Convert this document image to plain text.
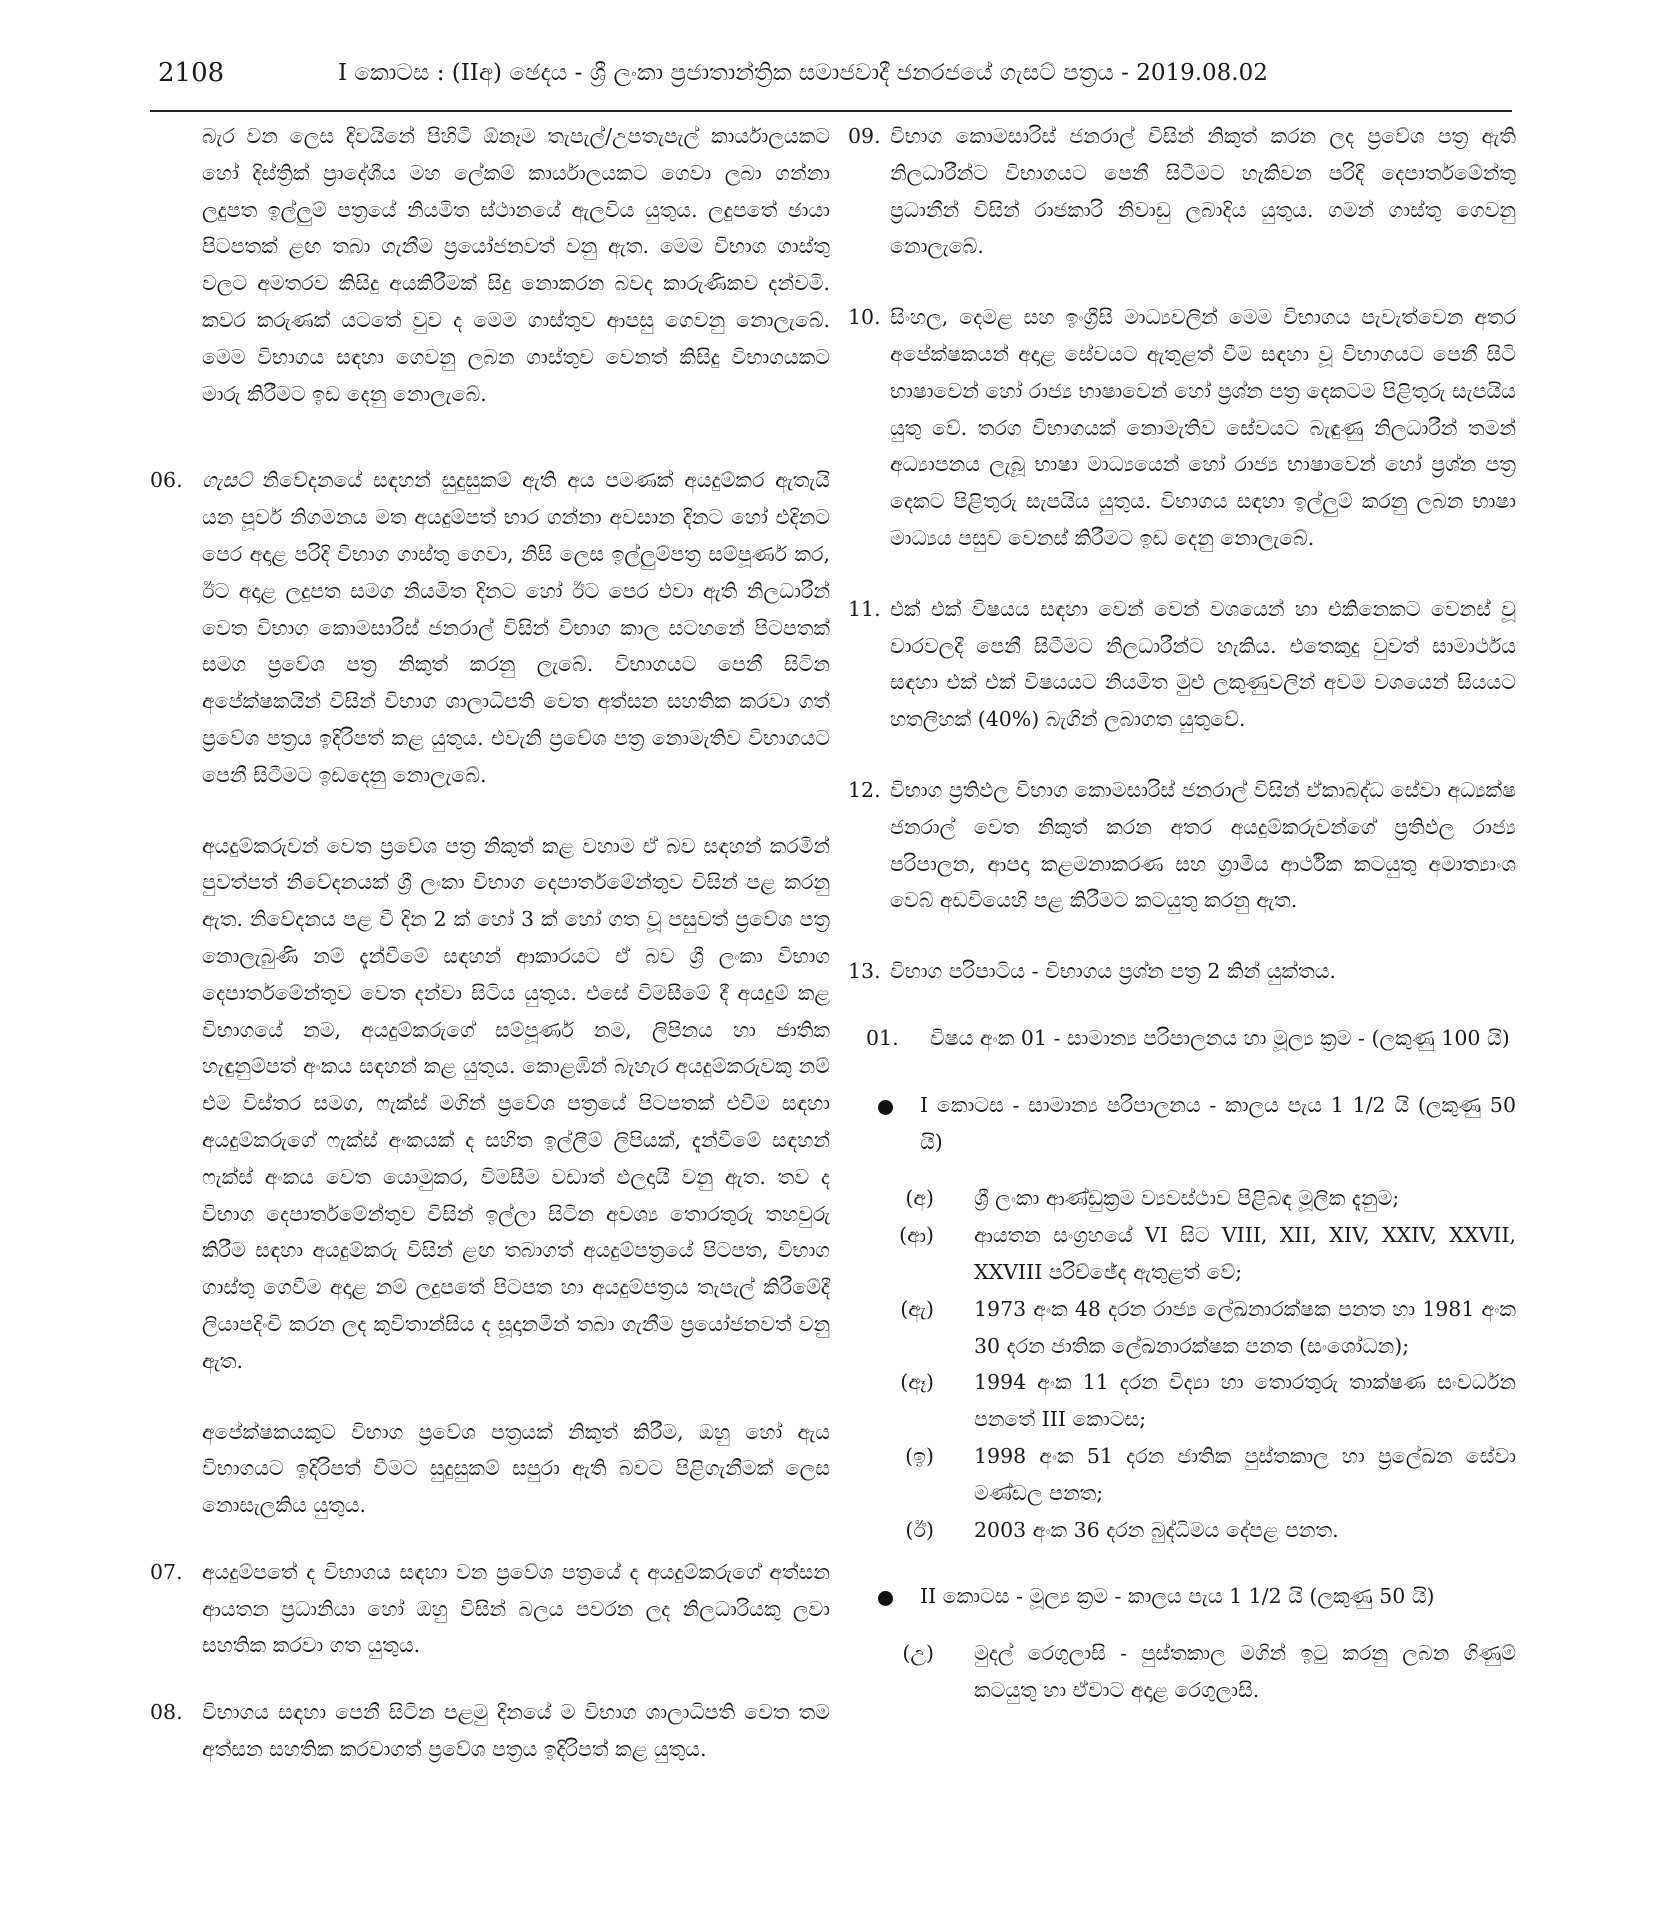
2108	I කොටස : (IIඅ) ඡෙදය - ශ්‍රී ලංකා ප්‍රජාතාන්ත්‍රික සමාජවාදී ජනරජයේ ගැසට් පත්‍රය - 2019.08.02

බැර වන ලෙස දිවයිනේ පිහිටි ඕනෑම තැපැල්/උපතැපැල් කාර්යාලයකට හෝ දිස්ත්‍රික් ප්‍රාදේශීය මහ ලේකම් කාර්යාලයකට ගෙවා ලබා ගන්නා ලදුපත ඉල්ලුම් පත්‍රයේ නියමිත ස්ථානයේ ඇලවිය යුතුය. ලදුපතේ ඡායා පිටපතක් ළඟ තබා ගැනීම ප්‍රයෝජනවත් වනු ඇත. මෙම විභාග ගාස්තු වලට අමතරව කිසිදු අයකිරීමක් සිදු නොකරන බවද කාරුණිකව දන්වමි. කවර කරුණක් යටතේ වුව ද මෙම ගාස්තුව ආපසු ගෙවනු නොලැබේ. මෙම විභාගය සඳහා ගෙවනු ලබන ගාස්තුව වෙනත් කිසිදු විභාගයකට මාරු කිරීමට ඉඩ දෙනු නොලැබේ.

06. ගැසට් නිවේදනයේ සඳහන් සුදුසුකම් ඇති අය පමණක් අයදුම්කර ඇතැයි යන පූර්ව නිගමනය මත අයදුම්පත් භාර ගන්නා අවසාන දිනට හෝ එදිනට පෙර අදාළ පරිදි විභාග ගාස්තු ගෙවා, නිසි ලෙස ඉල්ලුම්පත්‍ර සම්පූර්ණ කර, ඊට අදාළ ලදුපත සමග නියමිත දිනට හෝ ඊට පෙර එවා ඇති නිලධාරීන් වෙත විභාග කොමසාරිස් ජනරාල් විසින් විභාග කාල සටහනේ පිටපතක් සමග ප්‍රවේශ පත්‍ර නිකුත් කරනු ලැබේ. විභාගයට පෙනී සිටින අපේක්ෂකයින් විසින් විභාග ශාලාධිපති වෙත අත්සන සහතික කරවා ගත් ප්‍රවේශ පත්‍රය ඉදිරිපත් කළ යුතුය. එවැනි ප්‍රවේශ පත්‍ර නොමැතිව විභාගයට පෙනී සිටීමට ඉඩදෙනු නොලැබේ.

අයදුම්කරුවන් වෙත ප්‍රවේශ පත්‍ර නිකුත් කළ වහාම ඒ බව සඳහන් කරමින් පුවත්පත් නිවේදනයක් ශ්‍රී ලංකා විභාග දෙපාර්තමේන්තුව විසින් පළ කරනු ඇත. නිවේදනය පළ වී දින 2 ක් හෝ 3 ක් හෝ ගත වූ පසුවත් ප්‍රවේශ පත්‍ර නොලැබුණි නම් දැන්වීමේ සඳහන් ආකාරයට ඒ බව ශ්‍රී ලංකා විභාග දෙපාර්තමේන්තුව වෙත දන්වා සිටිය යුතුය. එසේ විමසීමේ දී අයදුම් කළ විභාගයේ නම, අයදුම්කරුගේ සම්පූර්ණ නම, ලිපිනය හා ජාතික හැඳුනුම්පත් අංකය සඳහන් කළ යුතුය. කොළඹින් බැහැර අයදුම්කරුවකු නම් එම විස්තර සමග, ෆැක්ස් මගින් ප්‍රවේශ පත්‍රයේ පිටපතක් එවීම සඳහා අයදුම්කරුගේ ෆැක්ස් අංකයක් ද සහිත ඉල්ලීම් ලිපියක්, දැන්වීමේ සඳහන් ෆැක්ස් අංකය වෙත යොමුකර, විමසීම වඩාත් ඵලදායී වනු ඇත. තව ද විභාග දෙපාර්තමේන්තුව විසින් ඉල්ලා සිටින අවශ්‍ය තොරතුරු තහවුරු කිරීම සඳහා අයදුම්කරු විසින් ළඟ තබාගත් අයදුම්පත්‍රයේ පිටපත, විභාග ගාස්තු ගෙවීම අදාළ නම් ලදුපතේ පිටපත හා අයදුම්පත්‍රය තැපැල් කිරීමේදී ලියාපදිංචි කරන ලද කුවිතාන්සිය ද සූදානමින් තබා ගැනීම ප්‍රයෝජනවත් වනු ඇත.

අපේක්ෂකයකුට විභාග ප්‍රවේශ පත්‍රයක් නිකුත් කිරීම, ඔහු හෝ ඇය විභාගයට ඉදිරිපත් වීමට සුදුසුකම් සපුරා ඇති බවට පිළිගැනීමක් ලෙස නොසැලකිය යුතුය.

07. අයදුම්පතේ ද විභාගය සඳහා වන ප්‍රවේශ පත්‍රයේ ද අයදුම්කරුගේ අත්සන ආයතන ප්‍රධානියා හෝ ඔහු විසින් බලය පවරන ලද නිලධාරියකු ලවා සහතික කරවා ගත යුතුය.

08. විභාගය සඳහා පෙනී සිටින පළමු දිනයේ ම විභාග ශාලාධිපති වෙත තම අත්සන සහතික කරවාගත් ප්‍රවේශ පත්‍රය ඉදිරිපත් කළ යුතුය.

09. විභාග කොමසාරිස් ජනරාල් විසින් නිකුත් කරන ලද ප්‍රවේශ පත්‍ර ඇති නිලධාරීන්ට විභාගයට පෙනී සිටීමට හැකිවන පරිදි දෙපාර්තමේන්තු ප්‍රධානීන් විසින් රාජකාරි නිවාඩු ලබාදිය යුතුය. ගමන් ගාස්තු ගෙවනු නොලැබේ.

10. සිංහල, දෙමළ සහ ඉංග්‍රීසි මාධ්‍යවලින් මෙම විභාගය පැවැත්වෙන අතර අපේක්ෂකයන් අදාළ සේවයට ඇතුළත් වීම සඳහා වූ විභාගයට පෙනී සිටි භාෂාවෙන් හෝ රාජ්‍ය භාෂාවෙන් හෝ ප්‍රශ්න පත්‍ර දෙකටම පිළිතුරු සැපයිය යුතු වේ. තරග විභාගයක් නොමැතිව සේවයට බැඳුණු නිලධාරීන් තමන් අධ්‍යාපනය ලැබූ භාෂා මාධ්‍යයෙන් හෝ රාජ්‍ය භාෂාවෙන් හෝ ප්‍රශ්න පත්‍ර දෙකට පිළිතුරු සැපයිය යුතුය. විභාගය සඳහා ඉල්ලුම් කරනු ලබන භාෂා මාධ්‍යය පසුව වෙනස් කිරීමට ඉඩ දෙනු නොලැබේ.

11. එක් එක් විෂයය සඳහා වෙන් වෙන් වශයෙන් හා එකිනෙකට වෙනස් වූ වාරවලදී පෙනී සිටීමට නිලධාරීන්ට හැකිය. එතෙකුදු වුවත් සාමාර්ථය සඳහා එක් එක් විෂයයට නියමිත මුළු ලකුණුවලින් අවම වශයෙන් සියයට හතලිහක් (40%) බැගින් ලබාගත යුතුවේ.

12. විභාග ප්‍රතිඵල විභාග කොමසාරිස් ජනරාල් විසින් ඒකාබද්ධ සේවා අධ්‍යක්ෂ ජනරාල් වෙත නිකුත් කරන අතර අයදුම්කරුවන්ගේ ප්‍රතිඵල රාජ්‍ය පරිපාලන, ආපදා කළමනාකරණ සහ ග්‍රාමීය ආර්ථික කටයුතු අමාත්‍යාංශ වෙබ් අඩවියෙහි පළ කිරීමට කටයුතු කරනු ඇත.

13. විභාග පරිපාටිය - විභාගය ප්‍රශ්න පත්‍ර 2 කින් යුක්තය.

01. විෂය අංක 01 - සාමාන්‍ය පරිපාලනය හා මූල්‍ය ක්‍රම - (ලකුණු 100 යි)

I කොටස - සාමාන්‍ය පරිපාලනය - කාලය පැය 1 1/2 යි (ලකුණු 50 යි)

(අ)	ශ්‍රී ලංකා ආණ්ඩුක්‍රම ව්‍යවස්ථාව පිළිබඳ මූලික දැනුම;
(ආ)	ආයතන සංග්‍රහයේ VI සිට VIII, XII, XIV, XXIV, XXVII, XXVIII පරිච්ඡේද ඇතුළත් වේ;
(ඇ)	1973 අංක 48 දරන රාජ්‍ය ලේඛනාරක්ෂක පනත හා 1981 අංක 30 දරන ජාතික ලේඛනාරක්ෂක පනත (සංශෝධන);
(ඈ)	1994 අංක 11 දරන විද්‍යා හා තොරතුරු තාක්ෂණ සංවර්ධන පනතේ III කොටස;
(ඉ)	1998 අංක 51 දරන ජාතික පුස්තකාල හා ප්‍රලේඛන සේවා මණ්ඩල පනත;
(ඊ)	2003 අංක 36 දරන බුද්ධිමය දේපළ පනත.

II කොටස - මූල්‍ය ක්‍රම - කාලය පැය 1 1/2 යි (ලකුණු 50 යි)

(උ)	මුදල් රෙගුලාසි - පුස්තකාල මගින් ඉටු කරනු ලබන ගිණුම් කටයුතු හා ඒවාට අදාළ රෙගුලාසි.
